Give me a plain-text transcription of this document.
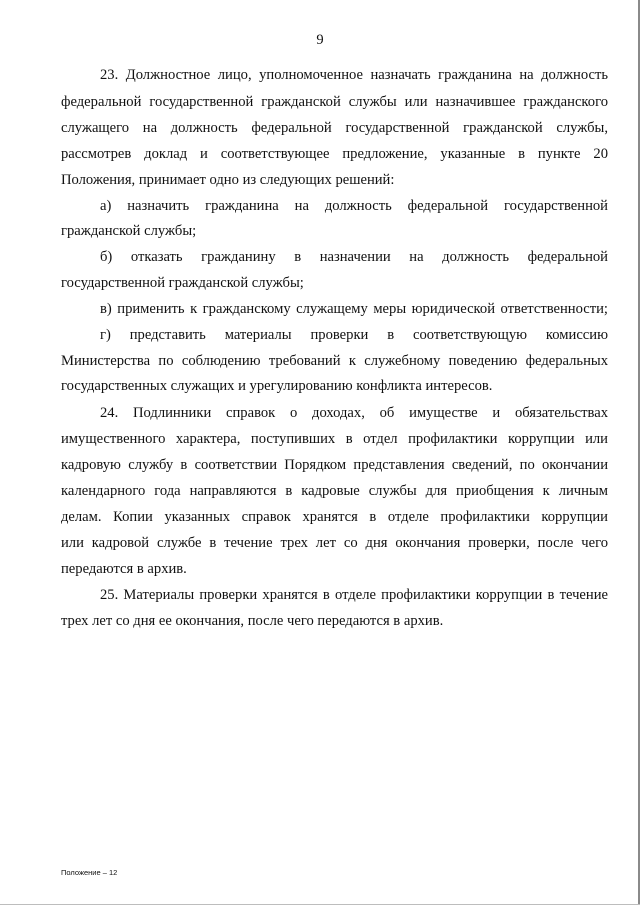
9
23. Должностное лицо, уполномоченное назначать гражданина на должность
федеральной государственной гражданской службы или назначившее гражданского
служащего на должность федеральной государственной гражданской службы,
рассмотрев доклад и соответствующее предложение, указанные в пункте 20
Положения, принимает одно из следующих решений:
а) назначить гражданина на должность федеральной государственной
гражданской службы;
б) отказать гражданину в назначении на должность федеральной
государственной гражданской службы;
в) применить к гражданскому служащему меры юридической ответственности;
г) представить материалы проверки в соответствующую комиссию
Министерства по соблюдению требований к служебному поведению федеральных
государственных служащих и урегулированию конфликта интересов.
24. Подлинники справок о доходах, об имуществе и обязательствах
имущественного характера, поступивших в отдел профилактики коррупции или
кадровую службу в соответствии Порядком представления сведений, по окончании
календарного года направляются в кадровые службы для приобщения к личным
делам. Копии указанных справок хранятся в отделе профилактики коррупции
или кадровой службе в течение трех лет со дня окончания проверки, после чего
передаются в архив.
25. Материалы проверки хранятся в отделе профилактики коррупции в течение
трех лет со дня ее окончания, после чего передаются в архив.
Положение – 12
